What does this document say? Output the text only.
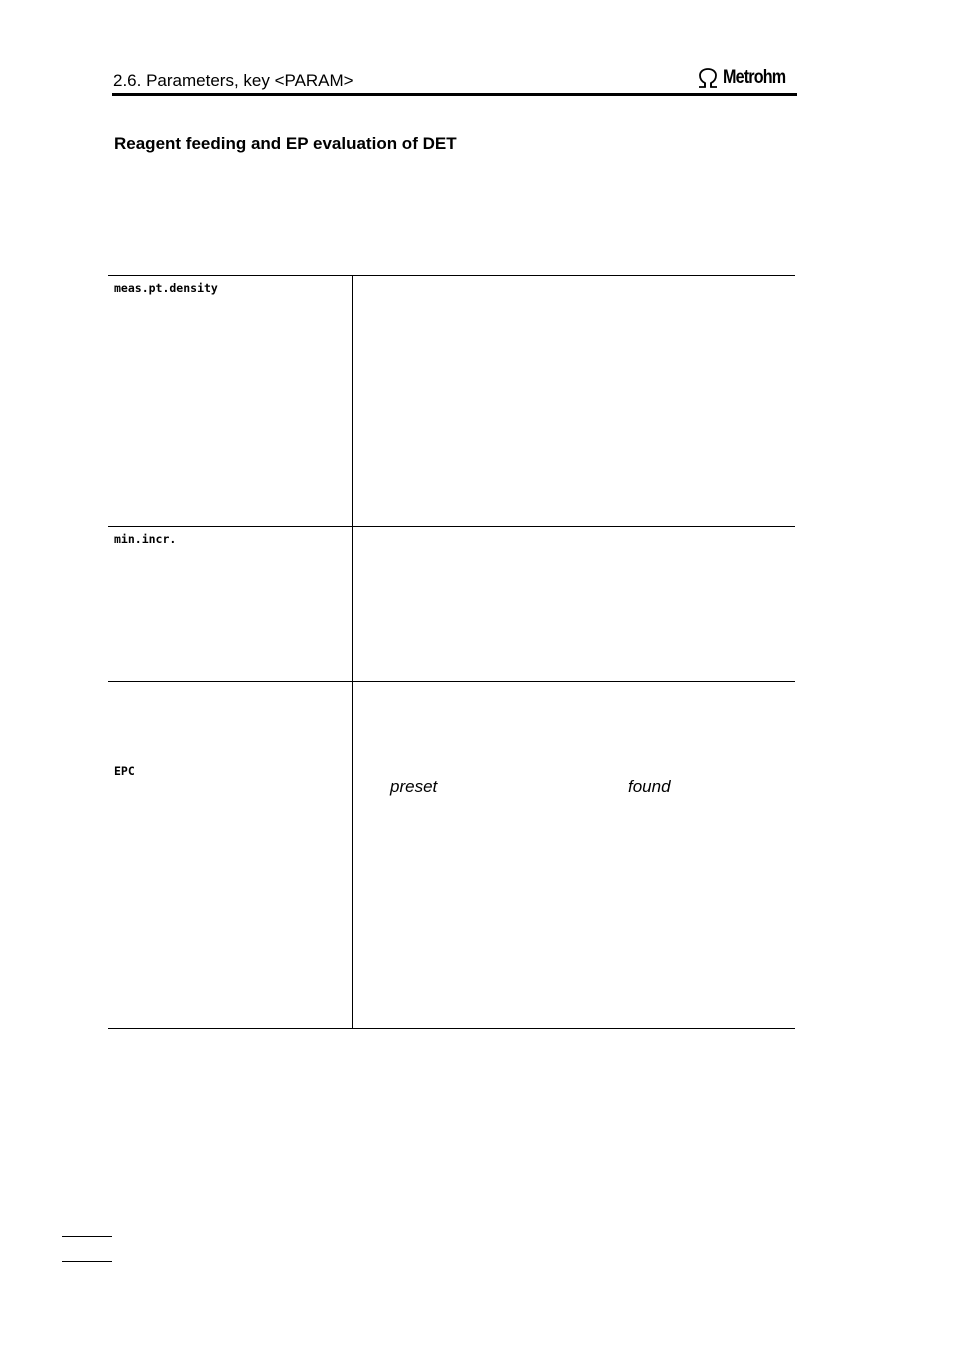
2.6. Parameters, key <PARAM>	Metrohm
Reagent feeding and EP evaluation of DET
meas.pt.density
min.incr.
EPC
preset	found
